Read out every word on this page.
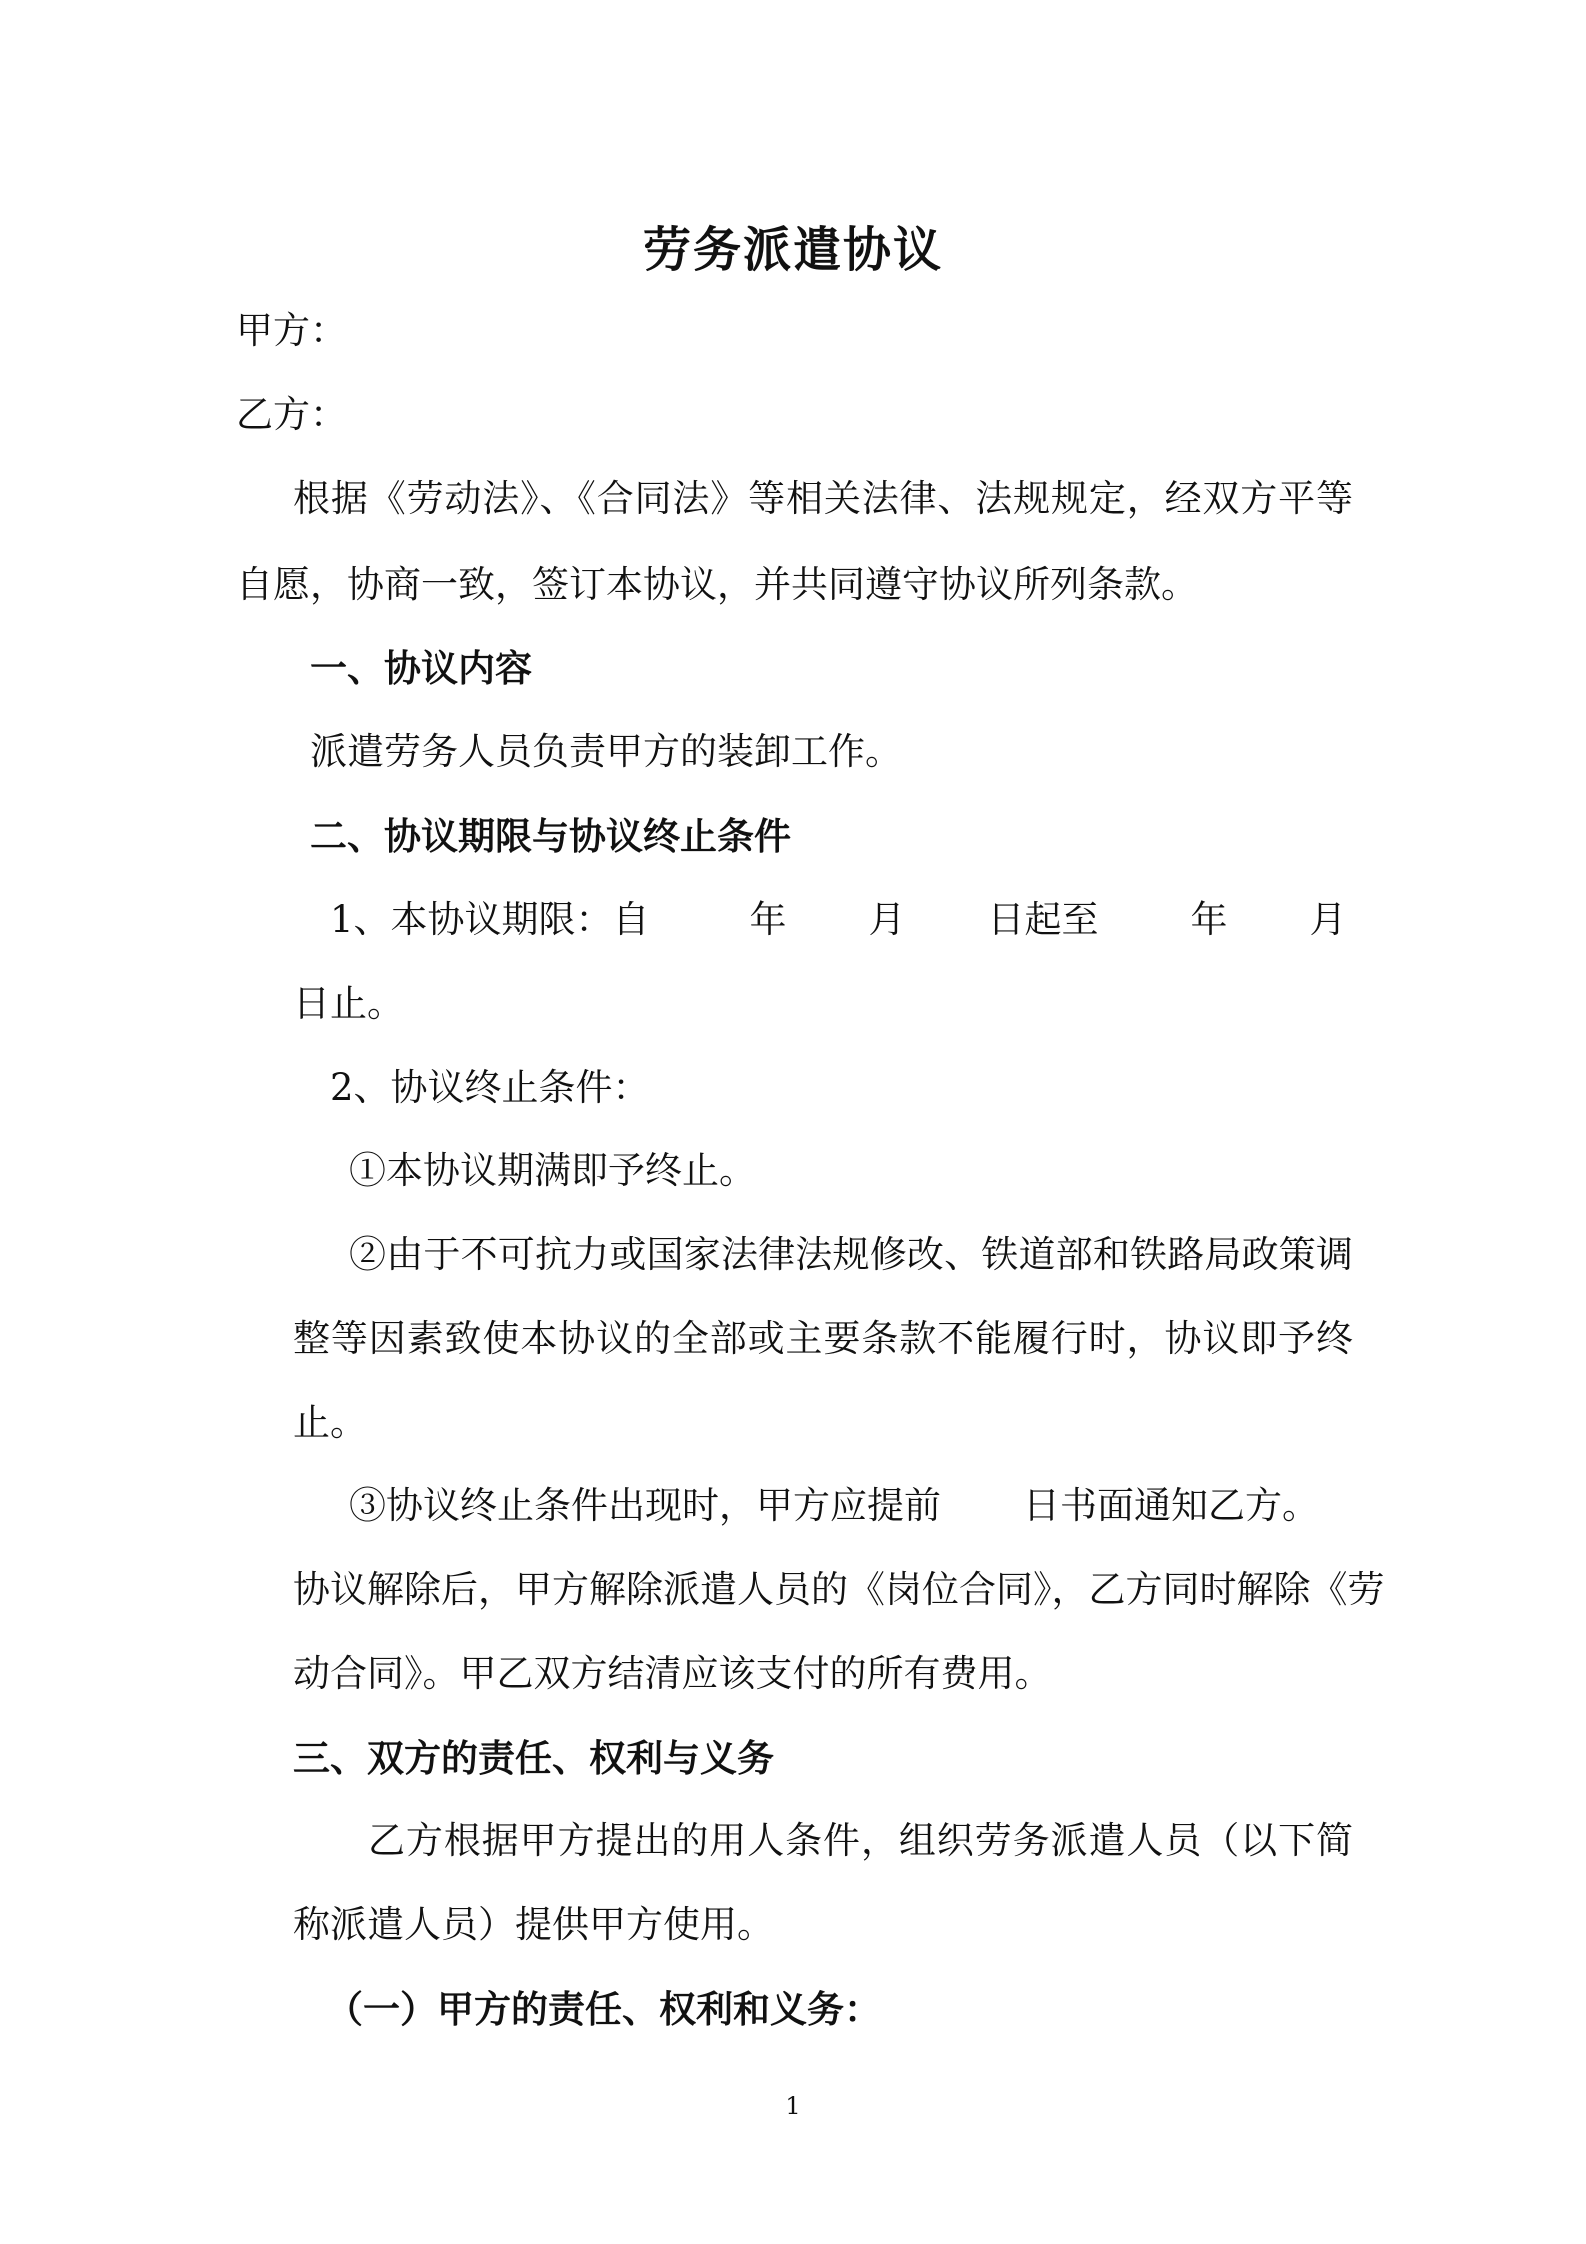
劳务派遣协议
甲方：
乙方：
根据《劳动法》、《合同法》等相关法律、法规规定，经双方平等
自愿，协商一致，签订本协议，并共同遵守协议所列条款。
一、协议内容
派遣劳务人员负责甲方的装卸工作。
二、协议期限与协议终止条件
1、本协议期限：自	年 月 日起至 年 月
日止。
2、协议终止条件：
①本协议期满即予终止。
②由于不可抗力或国家法律法规修改、铁道部和铁路局政策调
整等因素致使本协议的全部或主要条款不能履行时，协议即予终
止。
③协议终止条件出现时，甲方应提前 日书面通知乙方。
协议解除后，甲方解除派遣人员的《岗位合同》，乙方同时解除《劳
动合同》。甲乙双方结清应该支付的所有费用。
三、双方的责任、权利与义务
乙方根据甲方提出的用人条件，组织劳务派遣人员（以下简
称派遣人员）提供甲方使用。
（一）甲方的责任、权利和义务：
1
